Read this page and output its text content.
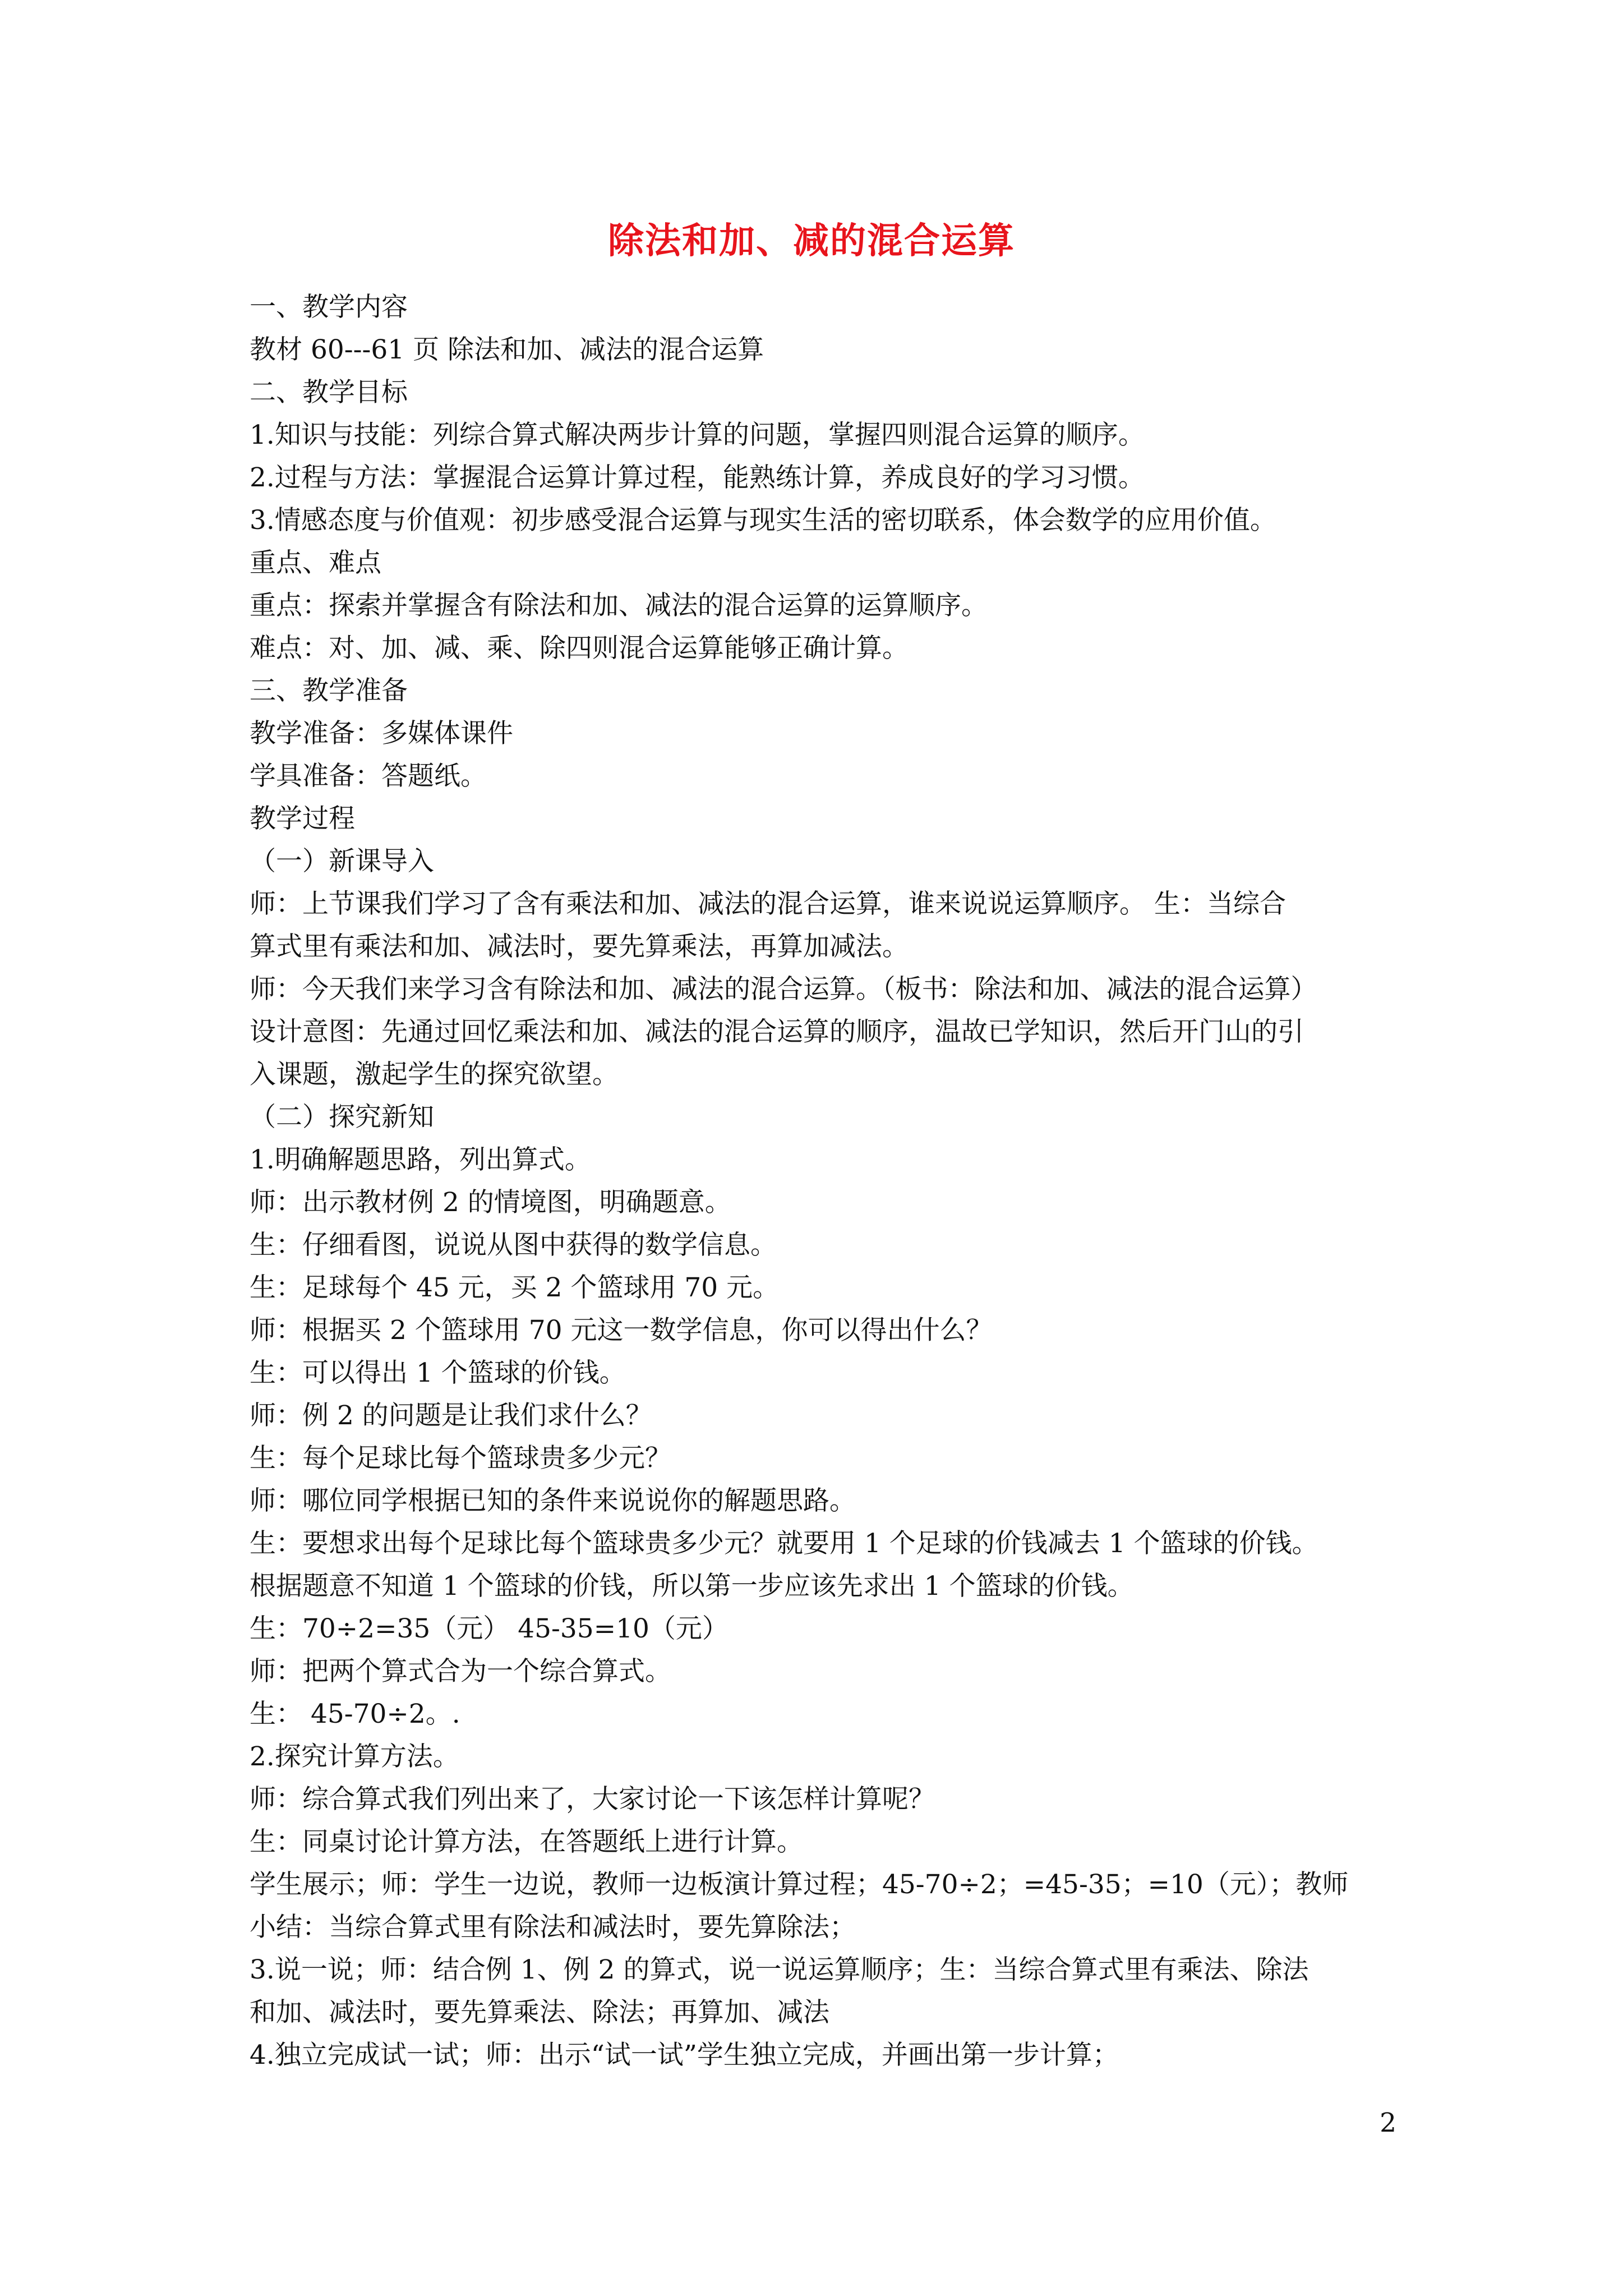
除法和加、减的混合运算
一、教学内容
教材 60---61 页 除法和加、减法的混合运算
二、教学目标
1.知识与技能：列综合算式解决两步计算的问题，掌握四则混合运算的顺序。
2.过程与方法：掌握混合运算计算过程，能熟练计算，养成良好的学习习惯。
3.情感态度与价值观：初步感受混合运算与现实生活的密切联系，体会数学的应用价值。
重点、难点
重点：探索并掌握含有除法和加、减法的混合运算的运算顺序。
难点：对、加、减、乘、除四则混合运算能够正确计算。
三、教学准备
教学准备：多媒体课件
学具准备：答题纸。
教学过程
（一）新课导入
师：上节课我们学习了含有乘法和加、减法的混合运算，谁来说说运算顺序。 生：当综合
算式里有乘法和加、减法时，要先算乘法，再算加减法。
师：今天我们来学习含有除法和加、减法的混合运算。（板书：除法和加、减法的混合运算）
设计意图：先通过回忆乘法和加、减法的混合运算的顺序，温故已学知识，然后开门山的引
入课题，激起学生的探究欲望。
（二）探究新知
1.明确解题思路，列出算式。
师：出示教材例 2 的情境图，明确题意。
生：仔细看图，说说从图中获得的数学信息。
生：足球每个 45 元，买 2 个篮球用 70 元。
师：根据买 2 个篮球用 70 元这一数学信息，你可以得出什么？
生：可以得出 1 个篮球的价钱。
师：例 2 的问题是让我们求什么？
生：每个足球比每个篮球贵多少元？
师：哪位同学根据已知的条件来说说你的解题思路。
生：要想求出每个足球比每个篮球贵多少元？就要用 1 个足球的价钱减去 1 个篮球的价钱。
根据题意不知道 1 个篮球的价钱，所以第一步应该先求出 1 个篮球的价钱。
生：70÷2=35（元） 45-35=10（元）
师：把两个算式合为一个综合算式。
生： 45-70÷2。.
2.探究计算方法。
师：综合算式我们列出来了，大家讨论一下该怎样计算呢？
生：同桌讨论计算方法，在答题纸上进行计算。
学生展示；师：学生一边说，教师一边板演计算过程；45-70÷2；=45-35；=10（元）；教师
小结：当综合算式里有除法和减法时，要先算除法；
3.说一说；师：结合例 1、例 2 的算式，说一说运算顺序；生：当综合算式里有乘法、除法
和加、减法时，要先算乘法、除法；再算加、减法
4.独立完成试一试；师：出示“试一试”学生独立完成，并画出第一步计算；
2
